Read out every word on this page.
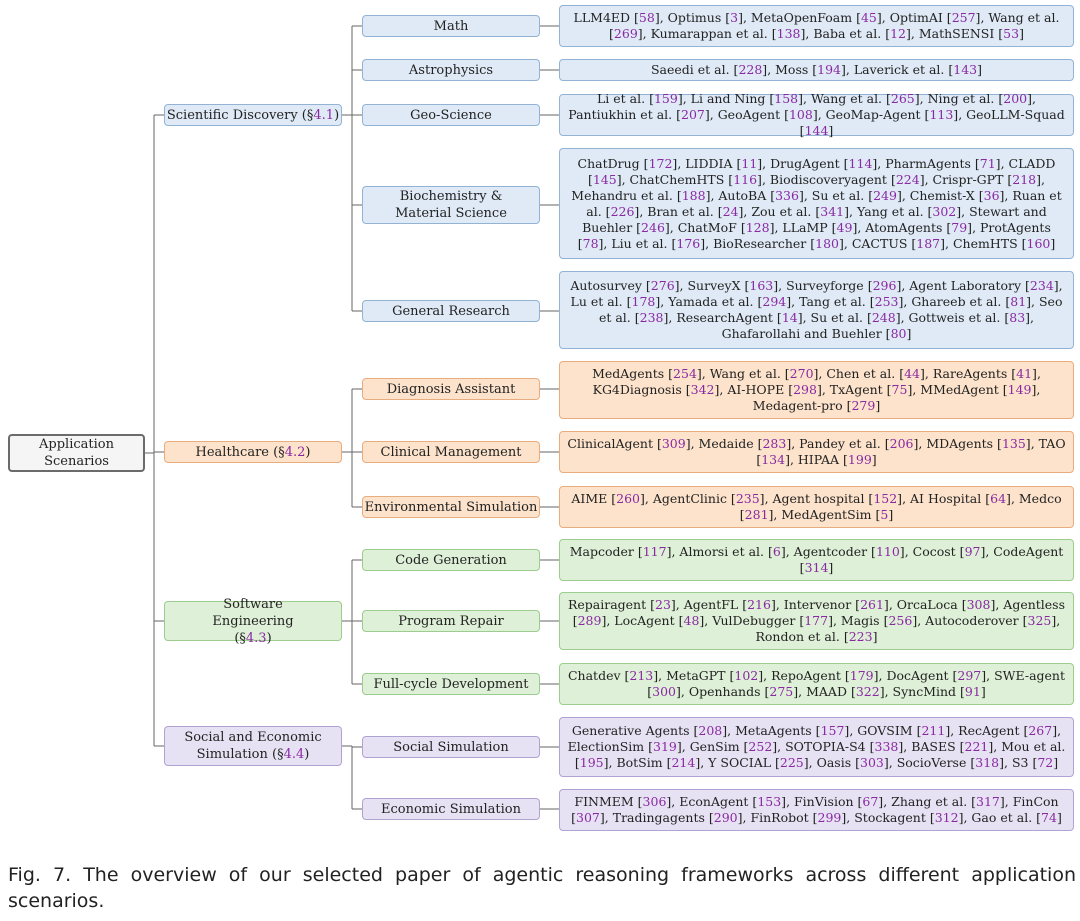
Application Scenarios
Scientific Discovery (§4.1)
Healthcare (§4.2)
Software Engineering (§4.3)
Social and Economic Simulation (§4.4)
Math
Astrophysics
Geo-Science
Biochemistry & Material Science
General Research
Diagnosis Assistant
Clinical Management
Environmental Simulation
Code Generation
Program Repair
Full-cycle Development
Social Simulation
Economic Simulation
LLM4ED [58], Optimus [3], MetaOpenFoam [45], OptimAI [257], Wang et al. [269], Kumarappan et al. [138], Baba et al. [12], MathSENSI [53]
Saeedi et al. [228], Moss [194], Laverick et al. [143]
Li et al. [159], Li and Ning [158], Wang et al. [265], Ning et al. [200], Pantiukhin et al. [207], GeoAgent [108], GeoMap-Agent [113], GeoLLM-Squad [144]
ChatDrug [172], LIDDIA [11], DrugAgent [114], PharmAgents [71], CLADD [145], ChatChemHTS [116], Biodiscoveryagent [224], Crispr-GPT [218], Mehandru et al. [188], AutoBA [336], Su et al. [249], Chemist-X [36], Ruan et al. [226], Bran et al. [24], Zou et al. [341], Yang et al. [302], Stewart and Buehler [246], ChatMoF [128], LLaMP [49], AtomAgents [79], ProtAgents [78], Liu et al. [176], BioResearcher [180], CACTUS [187], ChemHTS [160]
Autosurvey [276], SurveyX [163], Surveyforge [296], Agent Laboratory [234], Lu et al. [178], Yamada et al. [294], Tang et al. [253], Ghareeb et al. [81], Seo et al. [238], ResearchAgent [14], Su et al. [248], Gottweis et al. [83], Ghafarollahi and Buehler [80]
MedAgents [254], Wang et al. [270], Chen et al. [44], RareAgents [41], KG4Diagnosis [342], AI-HOPE [298], TxAgent [75], MMedAgent [149], Medagent-pro [279]
ClinicalAgent [309], Medaide [283], Pandey et al. [206], MDAgents [135], TAO [134], HIPAA [199]
AIME [260], AgentClinic [235], Agent hospital [152], AI Hospital [64], Medco [281], MedAgentSim [5]
Mapcoder [117], Almorsi et al. [6], Agentcoder [110], Cocost [97], CodeAgent [314]
Repairagent [23], AgentFL [216], Intervenor [261], OrcaLoca [308], Agentless [289], LocAgent [48], VulDebugger [177], Magis [256], Autocoderover [325], Rondon et al. [223]
Chatdev [213], MetaGPT [102], RepoAgent [179], DocAgent [297], SWE-agent [300], Openhands [275], MAAD [322], SyncMind [91]
Generative Agents [208], MetaAgents [157], GOVSIM [211], RecAgent [267], ElectionSim [319], GenSim [252], SOTOPIA-S4 [338], BASES [221], Mou et al. [195], BotSim [214], Y SOCIAL [225], Oasis [303], SocioVerse [318], S3 [72]
FINMEM [306], EconAgent [153], FinVision [67], Zhang et al. [317], FinCon [307], Tradingagents [290], FinRobot [299], Stockagent [312], Gao et al. [74]
Fig. 7. The overview of our selected paper of agentic reasoning frameworks across different application scenarios.
